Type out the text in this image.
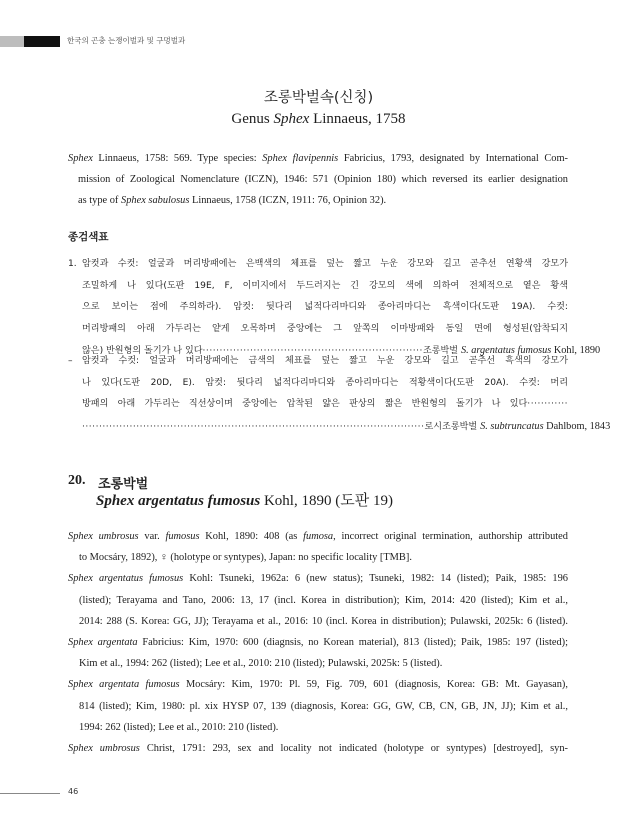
한국의 곤충 는쟁이벌과 및 구멍벌과
조롱박벌속(신칭)
Genus Sphex Linnaeus, 1758
Sphex Linnaeus, 1758: 569. Type species: Sphex flavipennis Fabricius, 1793, designated by International Com-
mission of Zoological Nomenclature (ICZN), 1946: 571 (Opinion 180) which reversed its earlier designation
as type of Sphex sabulosus Linnaeus, 1758 (ICZN, 1911: 76, Opinion 32).
종검색표
1. 암컷과 수컷: 얼굴과 머리방패에는 은백색의 체표를 덮는 짧고 누운 강모와 길고 곧추선 연황색 강모가
조밀하게 나 있다(도판 19E, F, 이미지에서 두드러지는 긴 강모의 색에 의하여 전체적으로 옅은 황색
으로 보이는 점에 주의하라). 암컷: 뒷다리 넓적다리마디와 종아리마디는 흑색이다(도판 19A). 수컷:
머리방패의 아래 가두리는 얕게 오목하며 중앙에는 그 앞쪽의 이마방패와 동일 면에 형성된(압착되지
않은) 반원형의 돌기가 나 있다·································································조롱박벌 S. argentatus fumosus Kohl, 1890
– 암컷과 수컷: 얼굴과 머리방패에는 금색의 체표를 덮는 짧고 누운 강모와 길고 곧추선 흑색의 강모가
나 있다(도판 20D, E). 암컷: 뒷다리 넓적다리마디와 종아리마디는 적황색이다(도판 20A). 수컷: 머리
방패의 아래 가두리는 직선상이며 중앙에는 압착된 얇은 판상의 짧은 반원형의 돌기가 나 있다············
·····································································································로시조롱박벌 S. subtruncatus Dahlbom, 1843
20. 조롱박벌
Sphex argentatus fumosus Kohl, 1890 (도판 19)
Sphex umbrosus var. fumosus Kohl, 1890: 408 (as fumosa, incorrect original termination, authorship attributed
to Mocsáry, 1892), ♀ (holotype or syntypes), Japan: no specific locality [TMB].
Sphex argentatus fumosus Kohl: Tsuneki, 1962a: 6 (new status); Tsuneki, 1982: 14 (listed); Paik, 1985: 196
(listed); Terayama and Tano, 2006: 13, 17 (incl. Korea in distribution); Kim, 2014: 420 (listed); Kim et al.,
2014: 288 (S. Korea: GG, JJ); Terayama et al., 2016: 10 (incl. Korea in distribution); Pulawski, 2025k: 6 (listed).
Sphex argentata Fabricius: Kim, 1970: 600 (diagnsis, no Korean material), 813 (listed); Paik, 1985: 197 (listed);
Kim et al., 1994: 262 (listed); Lee et al., 2010: 210 (listed); Pulawski, 2025k: 5 (listed).
Sphex argentata fumosus Mocsáry: Kim, 1970: Pl. 59, Fig. 709, 601 (diagnosis, Korea: GB: Mt. Gayasan),
814 (listed); Kim, 1980: pl. xix HYSP 07, 139 (diagnosis, Korea: GG, GW, CB, CN, GB, JN, JJ); Kim et al.,
1994: 262 (listed); Lee et al., 2010: 210 (listed).
Sphex umbrosus Christ, 1791: 293, sex and locality not indicated (holotype or syntypes) [destroyed], syn-
46
